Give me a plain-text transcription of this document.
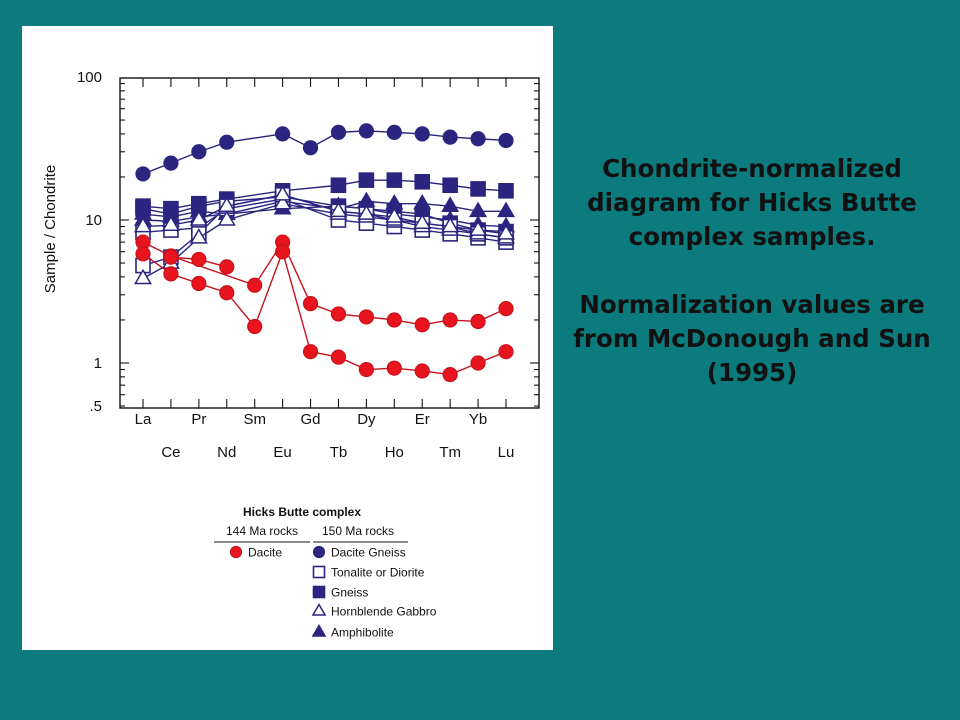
100
10
1
.5
La
Ce
Pr
Nd
Sm
Eu
Gd
Tb
Dy
Ho
Er
Tm
Yb
Lu
Sample / Chondrite
Hicks Butte complex
144 Ma rocks 150 Ma rocks
Dacite	Dacite Gneiss
Tonalite or Diorite
Gneiss
Hornblende Gabbro
Amphibolite

Chondrite-normalized diagram for Hicks Butte complex samples.

Normalization values are from McDonough and Sun (1995)
